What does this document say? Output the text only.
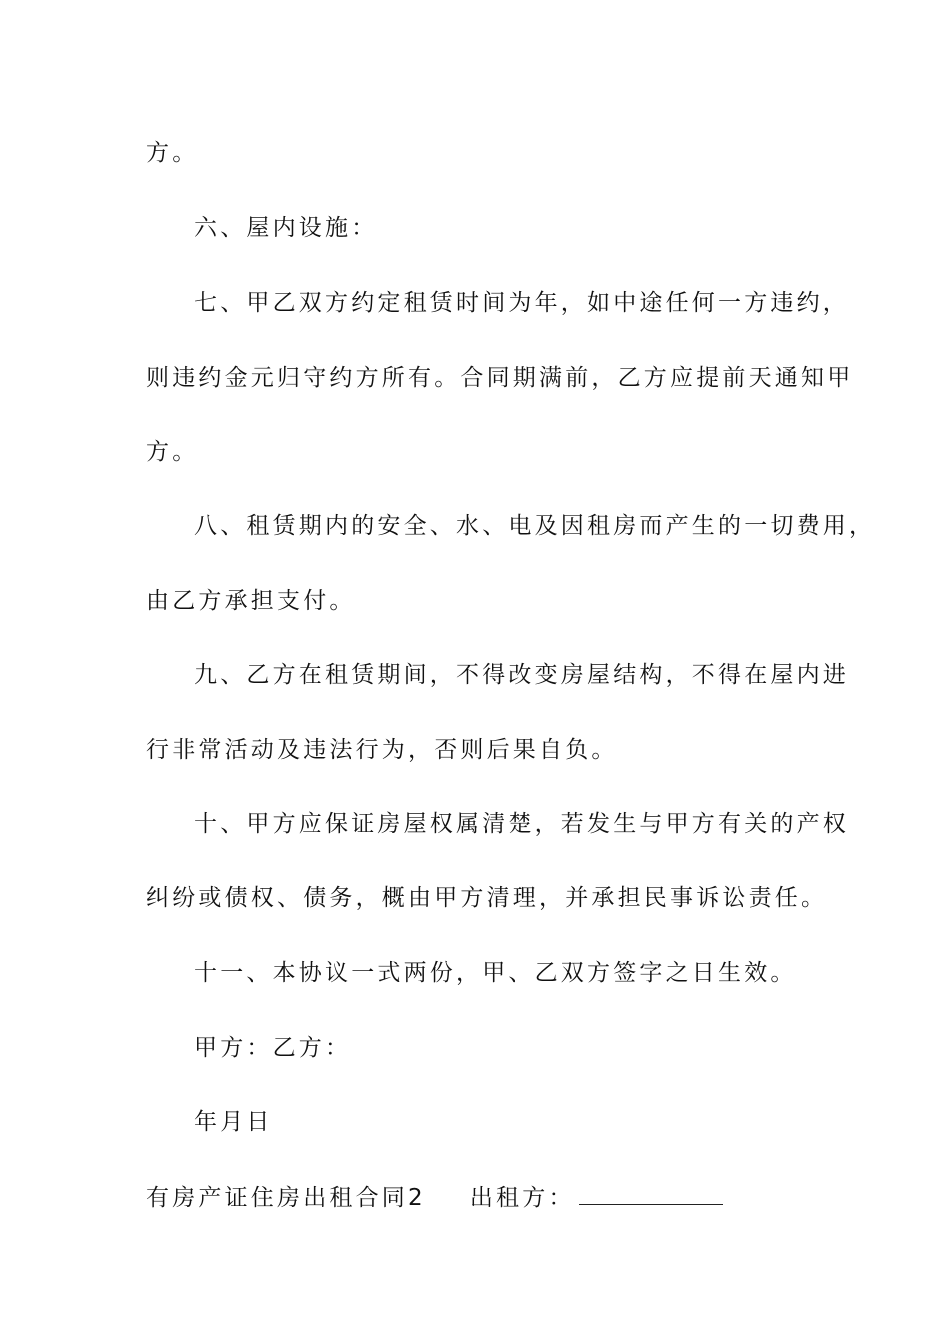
方。
六、屋内设施：
七、甲乙双方约定租赁时间为年，如中途任何一方违约，
则违约金元归守约方所有。合同期满前，乙方应提前天通知甲
方。
八、租赁期内的安全、水、电及因租房而产生的一切费用，
由乙方承担支付。
九、乙方在租赁期间，不得改变房屋结构，不得在屋内进
行非常活动及违法行为，否则后果自负。
十、甲方应保证房屋权属清楚，若发生与甲方有关的产权
纠纷或债权、债务，概由甲方清理，并承担民事诉讼责任。
十一、本协议一式两份，甲、乙双方签字之日生效。
甲方：乙方：
年月日
有房产证住房出租合同2 出租方：
